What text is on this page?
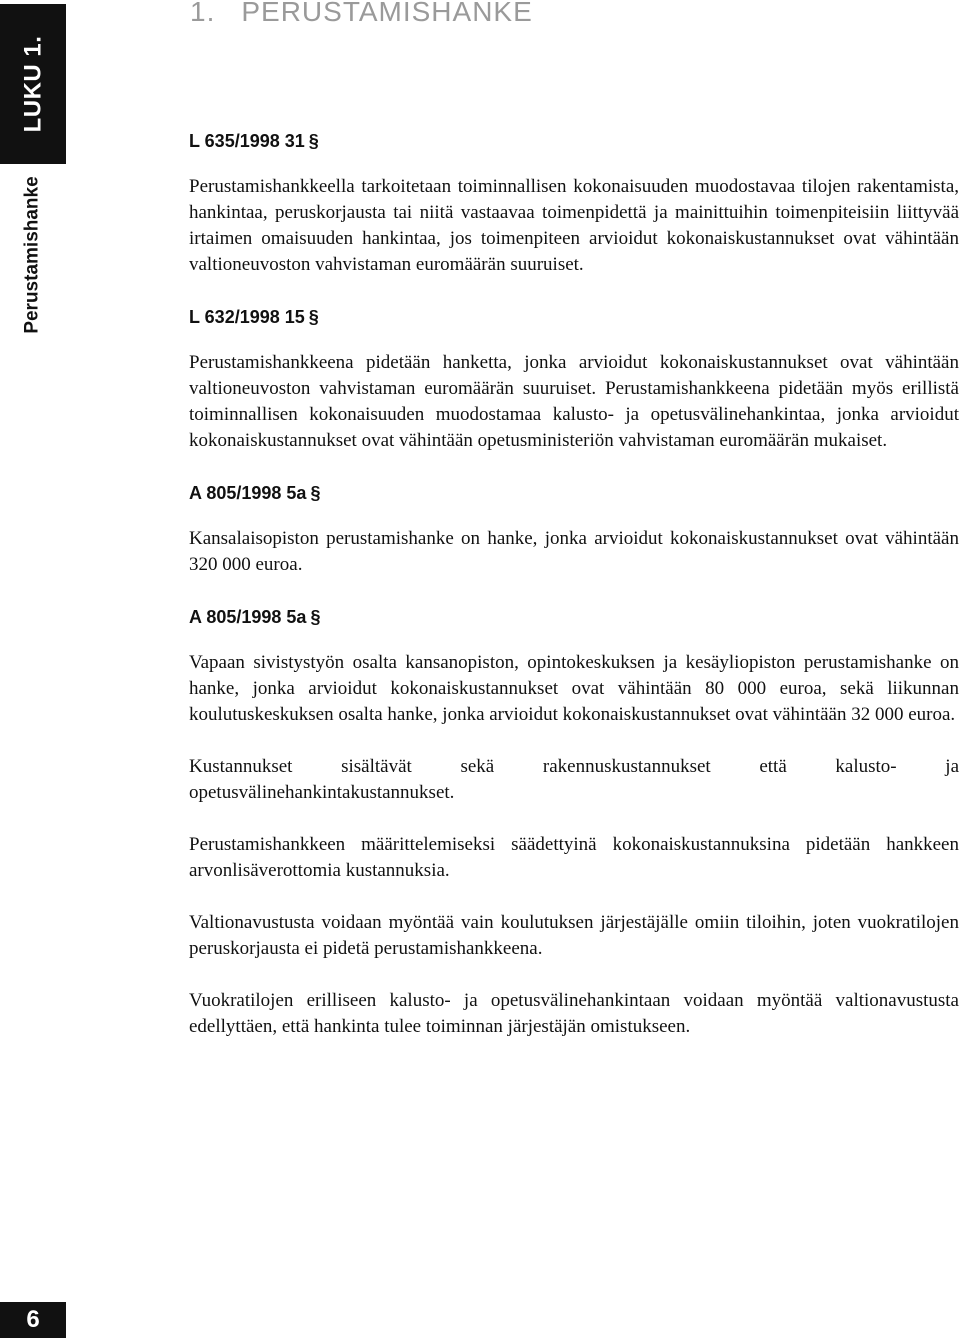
LUKU 1.
Perustamishanke
1. PERUSTAMISHANKE
L 635/1998 31 §

Perustamishankkeella tarkoitetaan toiminnallisen kokonaisuuden muodostavaa tilojen rakentamista, hankintaa, peruskorjausta tai niitä vastaavaa toimenpidettä ja mainittuihin toimenpiteisiin liittyvää irtaimen omaisuuden hankintaa, jos toimenpiteen arvioidut kokonaiskustannukset ovat vähintään valtioneuvoston vahvistaman euromäärän suuruiset.

L 632/1998 15 §

Perustamishankkeena pidetään hanketta, jonka arvioidut kokonaiskustannukset ovat vähintään valtioneuvoston vahvistaman euromäärän suuruiset. Perustamishankkeena pidetään myös erillistä toiminnallisen kokonaisuuden muodostamaa kalusto- ja opetusvälinehankintaa, jonka arvioidut kokonaiskustannukset ovat vähintään opetusministeriön vahvistaman euromäärän mukaiset.

A 805/1998 5a §

Kansalaisopiston perustamishanke on hanke, jonka arvioidut kokonaiskustannukset ovat vähintään 320 000 euroa.

A 805/1998 5a §

Vapaan sivistystyön osalta kansanopiston, opintokeskuksen ja kesäyliopiston perustamishanke on hanke, jonka arvioidut kokonaiskustannukset ovat vähintään 80 000 euroa, sekä liikunnan koulutuskeskuksen osalta hanke, jonka arvioidut kokonaiskustannukset ovat vähintään 32 000 euroa.

Kustannukset sisältävät sekä rakennuskustannukset että kalusto- ja opetusvälinehankintakustannukset.

Perustamishankkeen määrittelemiseksi säädettyinä kokonaiskustannuksina pidetään hankkeen arvonlisäverottomia kustannuksia.

Valtionavustusta voidaan myöntää vain koulutuksen järjestäjälle omiin tiloihin, joten vuokratilojen peruskorjausta ei pidetä perustamishankkeena.

Vuokratilojen erilliseen kalusto- ja opetusvälinehankintaan voidaan myöntää valtionavustusta edellyttäen, että hankinta tulee toiminnan järjestäjän omistukseen.

6
